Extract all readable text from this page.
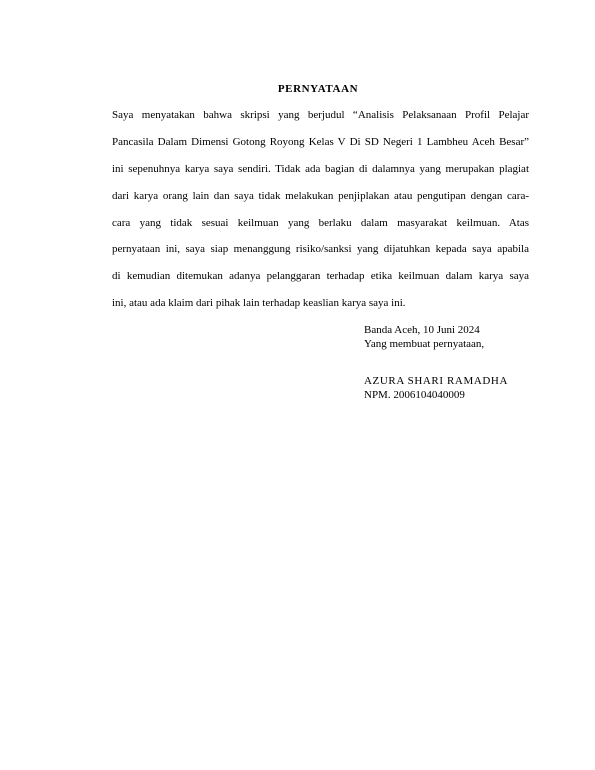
PERNYATAAN
Saya menyatakan bahwa skripsi yang berjudul “Analisis Pelaksanaan Profil Pelajar
Pancasila Dalam Dimensi Gotong Royong Kelas V Di SD Negeri 1 Lambheu Aceh Besar”
ini sepenuhnya karya saya sendiri. Tidak ada bagian di dalamnya yang merupakan plagiat
dari karya orang lain dan saya tidak melakukan penjiplakan atau pengutipan dengan cara-
cara yang tidak sesuai keilmuan yang berlaku dalam masyarakat keilmuan. Atas
pernyataan ini, saya siap menanggung risiko/sanksi yang dijatuhkan kepada saya apabila
di kemudian ditemukan adanya pelanggaran terhadap etika keilmuan dalam karya saya
ini, atau ada klaim dari pihak lain terhadap keaslian karya saya ini.
Banda Aceh, 10 Juni 2024
Yang membuat pernyataan,
AZURA SHARI RAMADHA
NPM. 2006104040009
